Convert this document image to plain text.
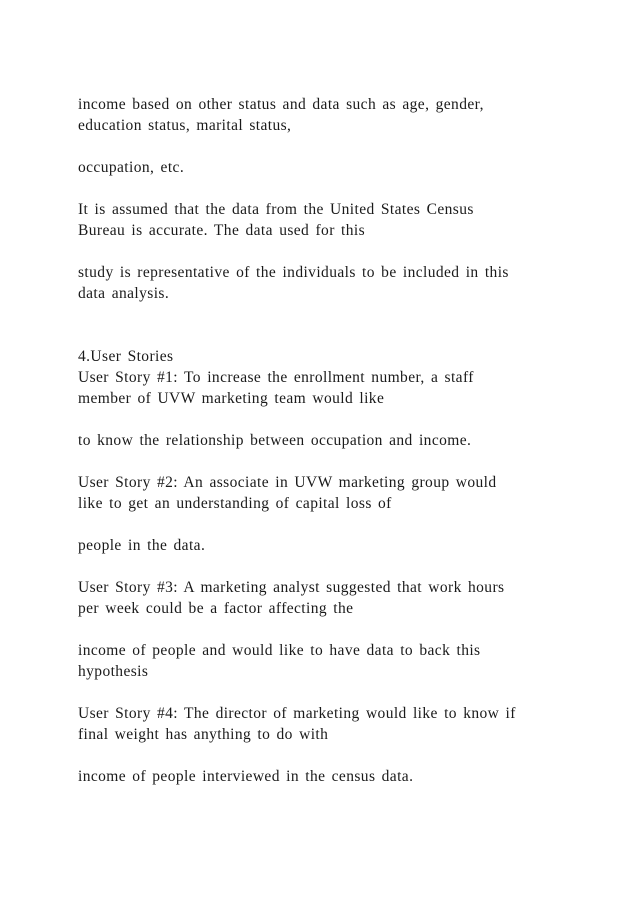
income based on other status and data such as age, gender,
education status, marital status,

occupation, etc.

It is assumed that the data from the United States Census
Bureau is accurate. The data used for this

study is representative of the individuals to be included in this
data analysis.

4.User Stories

User Story #1: To increase the enrollment number, a staff
member of UVW marketing team would like

to know the relationship between occupation and income.

User Story #2: An associate in UVW marketing group would
like to get an understanding of capital loss of

people in the data.

User Story #3: A marketing analyst suggested that work hours
per week could be a factor affecting the

income of people and would like to have data to back this
hypothesis

User Story #4: The director of marketing would like to know if
final weight has anything to do with

income of people interviewed in the census data.
